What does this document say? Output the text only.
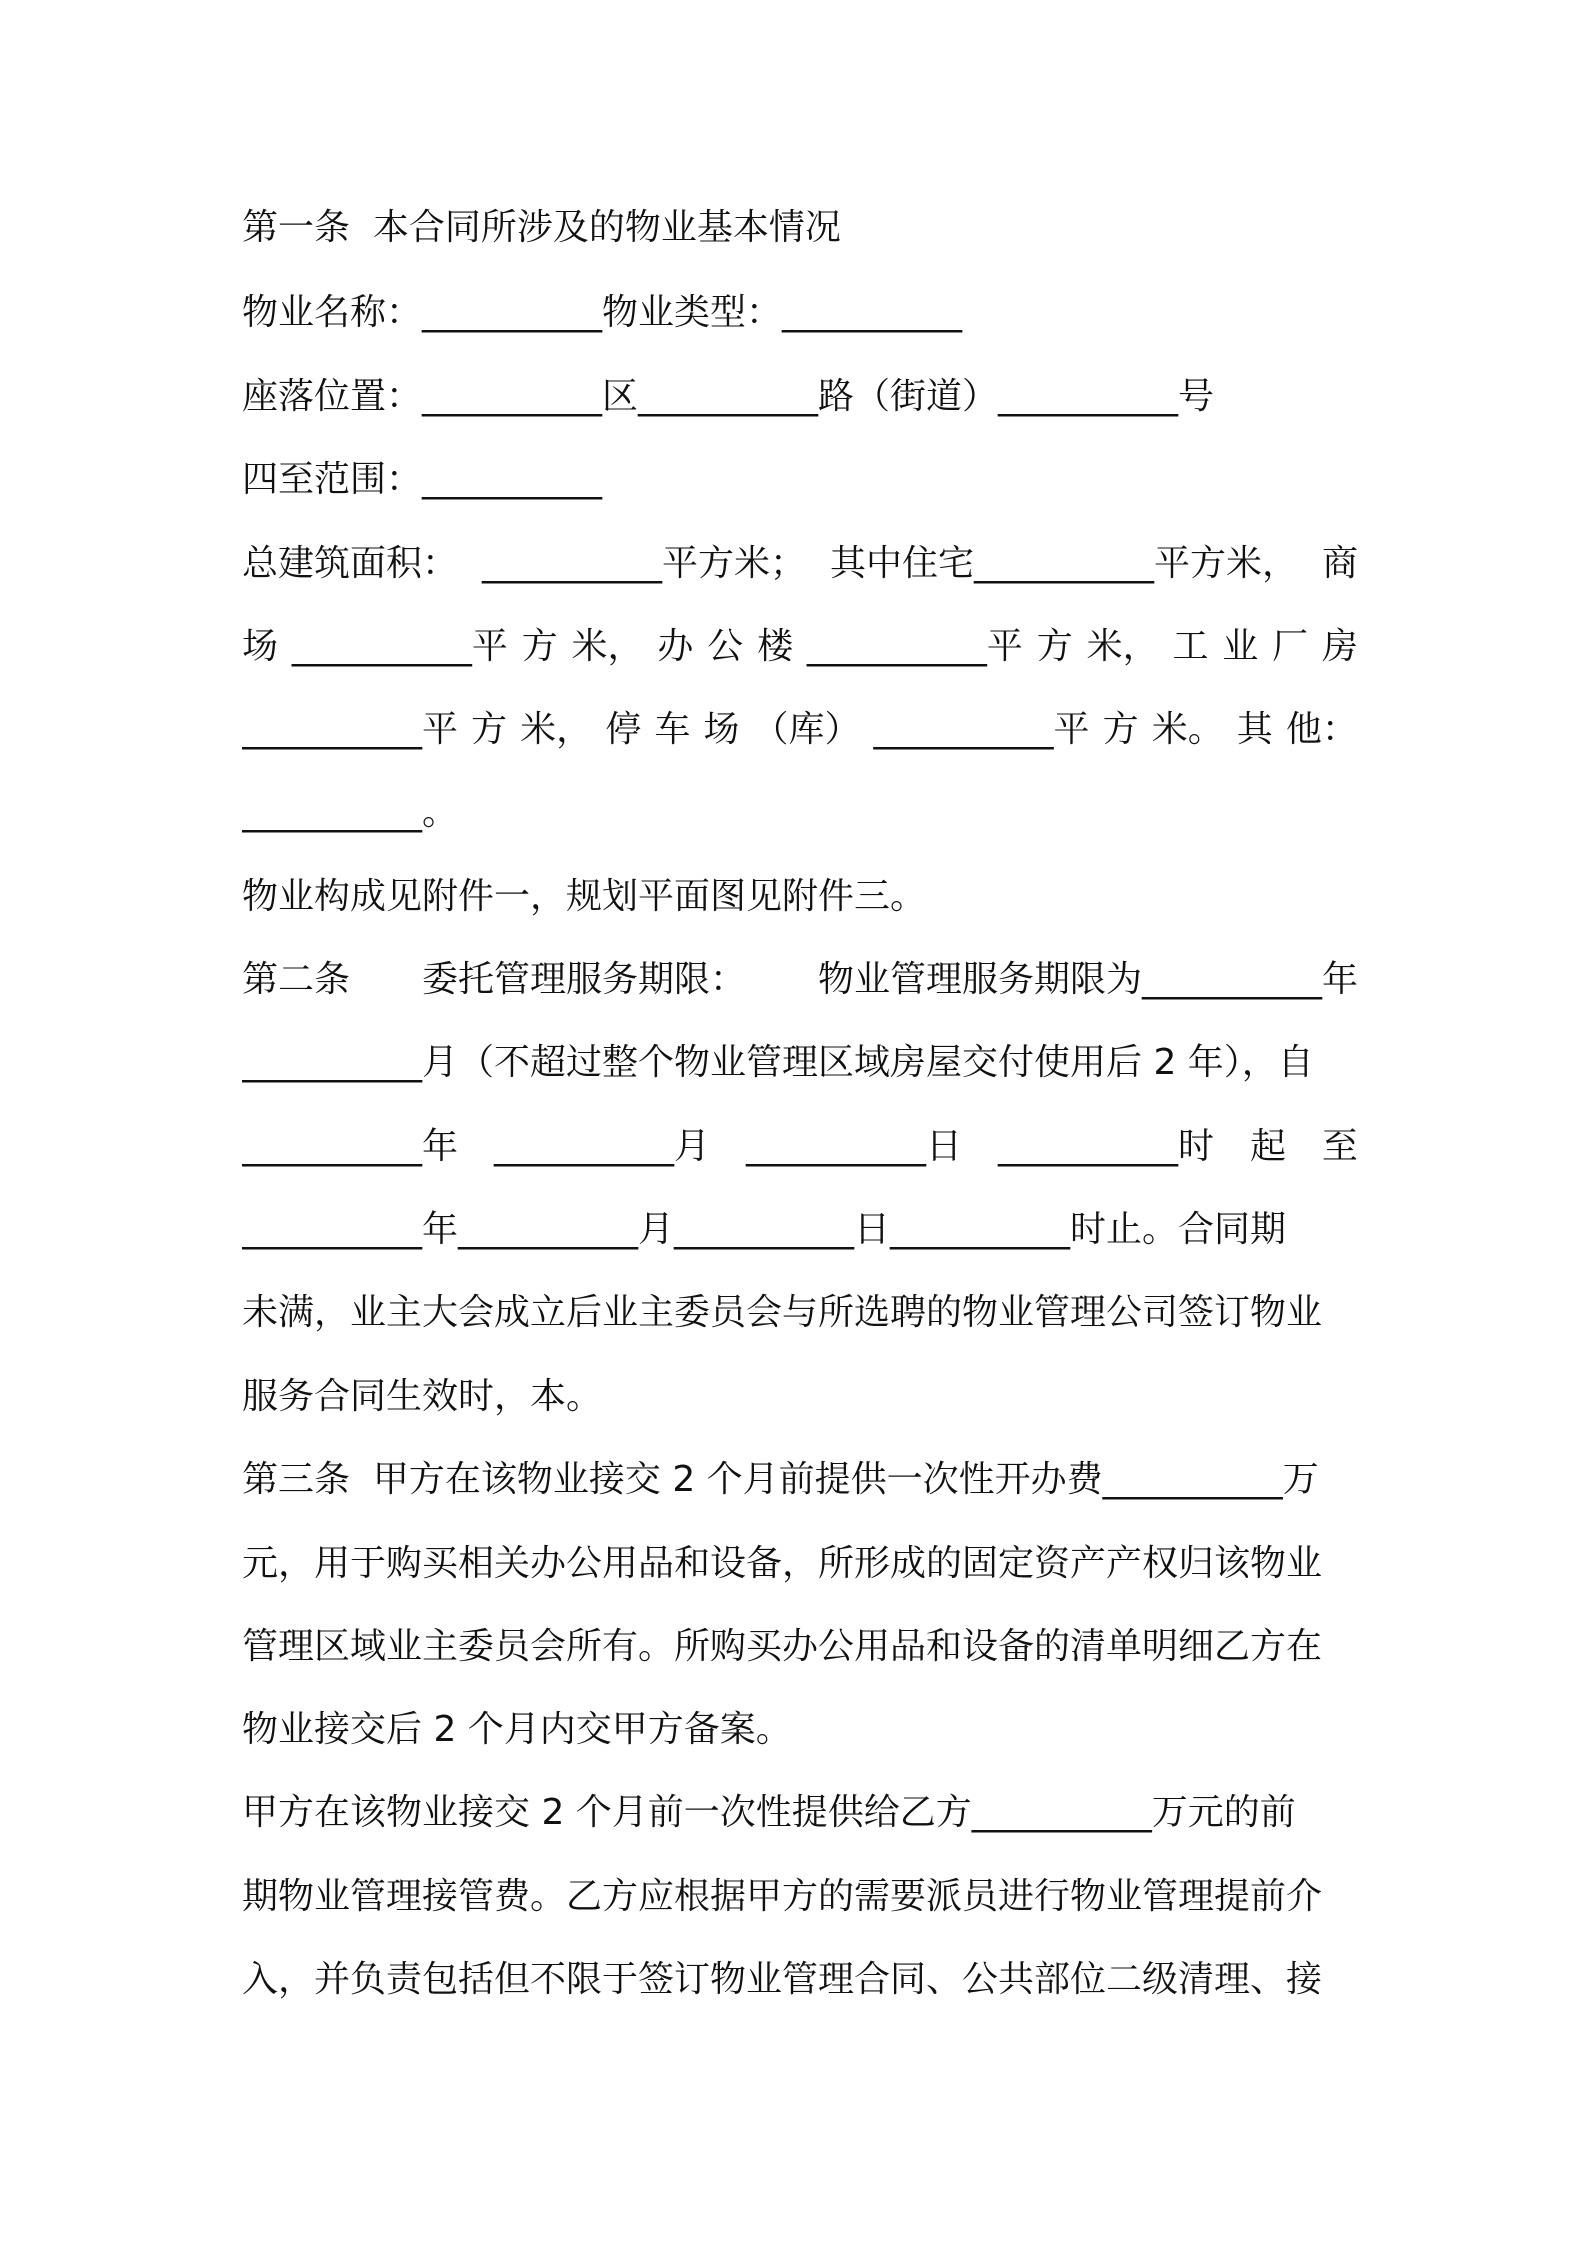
第一条  本合同所涉及的物业基本情况
物业名称：__________物业类型：__________
座落位置：__________区__________路（街道）__________号
四至范围：__________
总建筑面积： __________平方米； 其中住宅__________平方米， 商
场 __________平 方 米， 办 公 楼 __________平 方 米， 工 业 厂 房
__________平 方 米， 停 车 场 （库） __________平 方 米。 其 他：
__________。
物业构成见附件一，规划平面图见附件三。
第二条 委托管理服务期限： 物业管理服务期限为__________年
__________月（不超过整个物业管理区域房屋交付使用后 2 年），自
__________年 __________月 __________日 __________时 起 至
__________年__________月__________日__________时止。合同期
未满，业主大会成立后业主委员会与所选聘的物业管理公司签订物业
服务合同生效时，本。
第三条  甲方在该物业接交 2 个月前提供一次性开办费__________万
元，用于购买相关办公用品和设备，所形成的固定资产产权归该物业
管理区域业主委员会所有。所购买办公用品和设备的清单明细乙方在
物业接交后 2 个月内交甲方备案。
甲方在该物业接交 2 个月前一次性提供给乙方__________万元的前
期物业管理接管费。乙方应根据甲方的需要派员进行物业管理提前介
入，并负责包括但不限于签订物业管理合同、公共部位二级清理、接
